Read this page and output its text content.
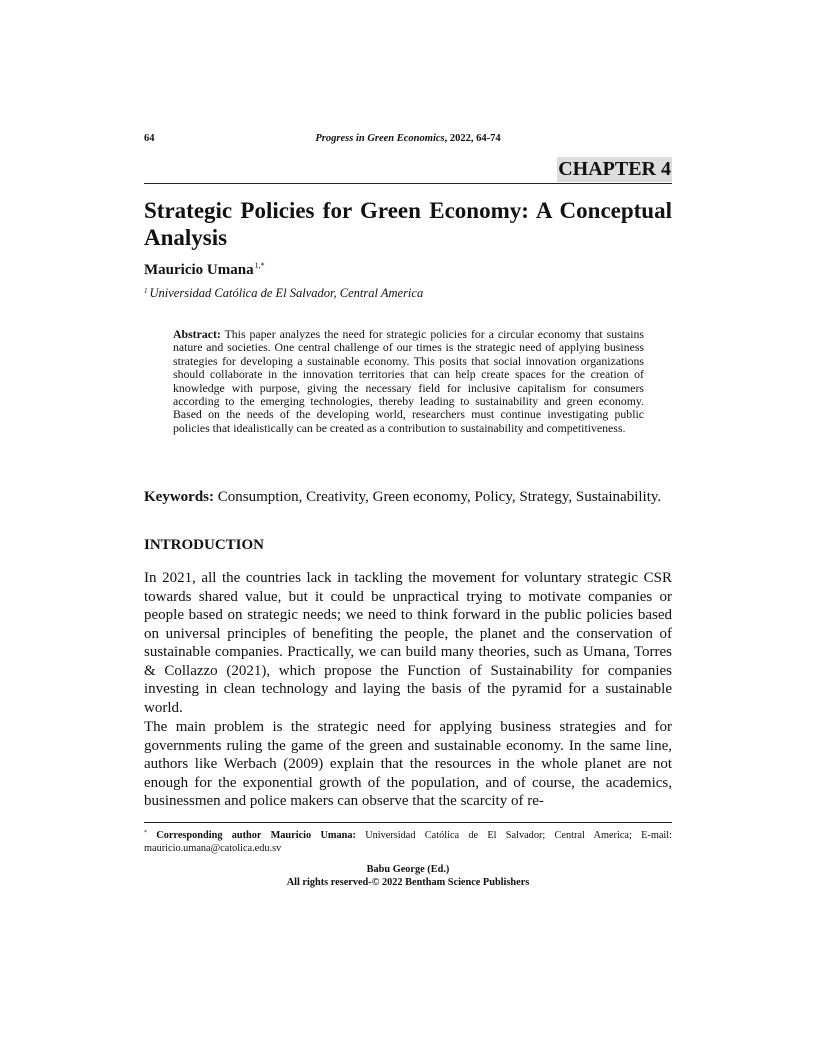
64	Progress in Green Economics, 2022, 64-74
CHAPTER 4
Strategic Policies for Green Economy: A Conceptual Analysis
Mauricio Umana$^{1,*}$
$^1$ Universidad Católica de El Salvador, Central America
Abstract: This paper analyzes the need for strategic policies for a circular economy that sustains nature and societies. One central challenge of our times is the strategic need of applying business strategies for developing a sustainable economy. This posits that social innovation organizations should collaborate in the innovation territories that can help create spaces for the creation of knowledge with purpose, giving the necessary field for inclusive capitalism for consumers according to the emerging technologies, thereby leading to sustainability and green economy. Based on the needs of the developing world, researchers must continue investigating public policies that idealistically can be created as a contribution to sustainability and competitiveness.
Keywords: Consumption, Creativity, Green economy, Policy, Strategy, Sustainability.
INTRODUCTION

In 2021, all the countries lack in tackling the movement for voluntary strategic CSR towards shared value, but it could be unpractical trying to motivate companies or people based on strategic needs; we need to think forward in the public policies based on universal principles of benefiting the people, the planet and the conservation of sustainable companies. Practically, we can build many theories, such as Umana, Torres & Collazzo (2021), which propose the Function of Sustainability for companies investing in clean technology and laying the basis of the pyramid for a sustainable world.

The main problem is the strategic need for applying business strategies and for governments ruling the game of the green and sustainable economy. In the same line, authors like Werbach (2009) explain that the resources in the whole planet are not enough for the exponential growth of the population, and of course, the academics, businessmen and police makers can observe that the scarcity of re-

* Corresponding author Mauricio Umana: Universidad Católica de El Salvador; Central America; E-mail: mauricio.umana@catolica.edu.sv
Babu George (Ed.)
All rights reserved-© 2022 Bentham Science Publishers
